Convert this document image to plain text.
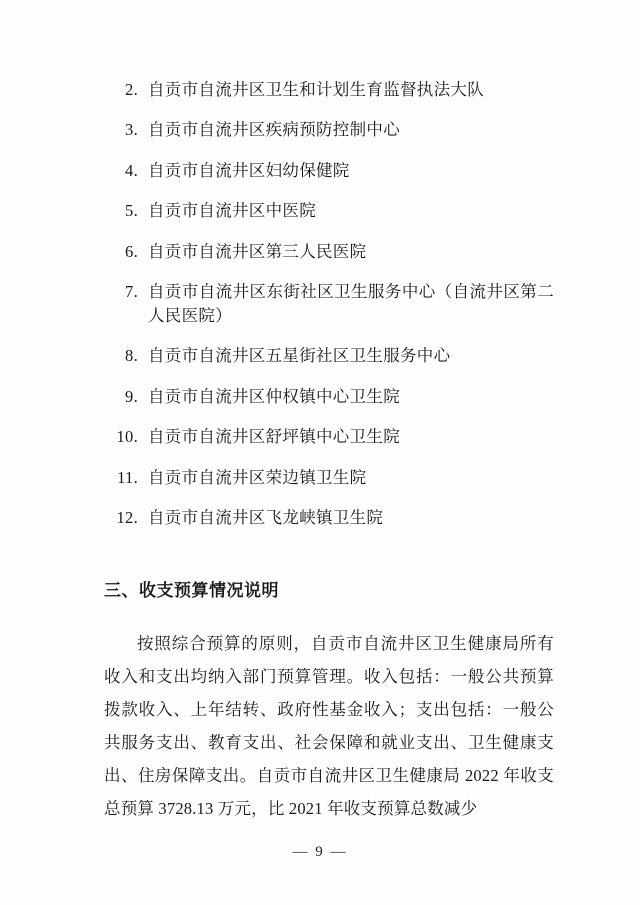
2. 自贡市自流井区卫生和计划生育监督执法大队
3. 自贡市自流井区疾病预防控制中心
4. 自贡市自流井区妇幼保健院
5. 自贡市自流井区中医院
6. 自贡市自流井区第三人民医院
7. 自贡市自流井区东街社区卫生服务中心（自流井区第二人民医院）
8. 自贡市自流井区五星街社区卫生服务中心
9. 自贡市自流井区仲权镇中心卫生院
10. 自贡市自流井区舒坪镇中心卫生院
11. 自贡市自流井区荣边镇卫生院
12. 自贡市自流井区飞龙峡镇卫生院
三、收支预算情况说明

按照综合预算的原则，自贡市自流井区卫生健康局所有收入和支出均纳入部门预算管理。收入包括：一般公共预算拨款收入、上年结转、政府性基金收入；支出包括：一般公共服务支出、教育支出、社会保障和就业支出、卫生健康支出、住房保障支出。自贡市自流井区卫生健康局 2022 年收支总预算 3728.13 万元，比 2021 年收支预算总数减少

— 9 —
